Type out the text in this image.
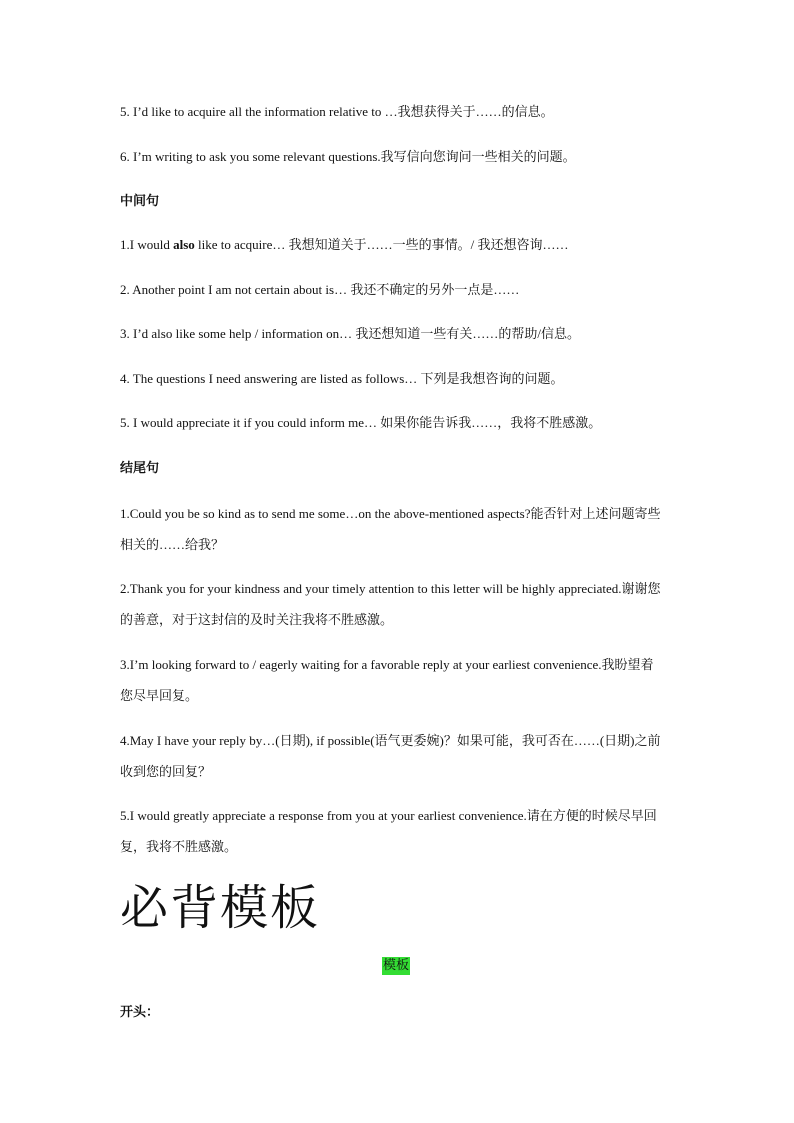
5. I’d like to acquire all the information relative to …我想获得关于……的信息。
6. I’m writing to ask you some relevant questions.我写信向您询问一些相关的问题。
中间句
1.I would also like to acquire… 我想知道关于……一些的事情。/ 我还想咨询……
2. Another point I am not certain about is… 我还不确定的另外一点是……
3. I’d also like some help / information on… 我还想知道一些有关……的帮助/信息。
4. The questions I need answering are listed as follows… 下列是我想咨询的问题。
5. I would appreciate it if you could inform me… 如果你能告诉我……，我将不胜感激。
结尾句
1.Could you be so kind as to send me some…on the above-mentioned aspects?能否针对上述问题寄些相关的……给我？
2.Thank you for your kindness and your timely attention to this letter will be highly appreciated.谢谢您的善意，对于这封信的及时关注我将不胜感激。
3.I’m looking forward to / eagerly waiting for a favorable reply at your earliest convenience.我盼望着您尽早回复。
4.May I have your reply by…(日期), if possible(语气更委婉)？如果可能，我可否在……(日期)之前收到您的回复？
5.I would greatly appreciate a response from you at your earliest convenience.请在方便的时候尽早回复，我将不胜感激。
必背模板
模板
开头：
